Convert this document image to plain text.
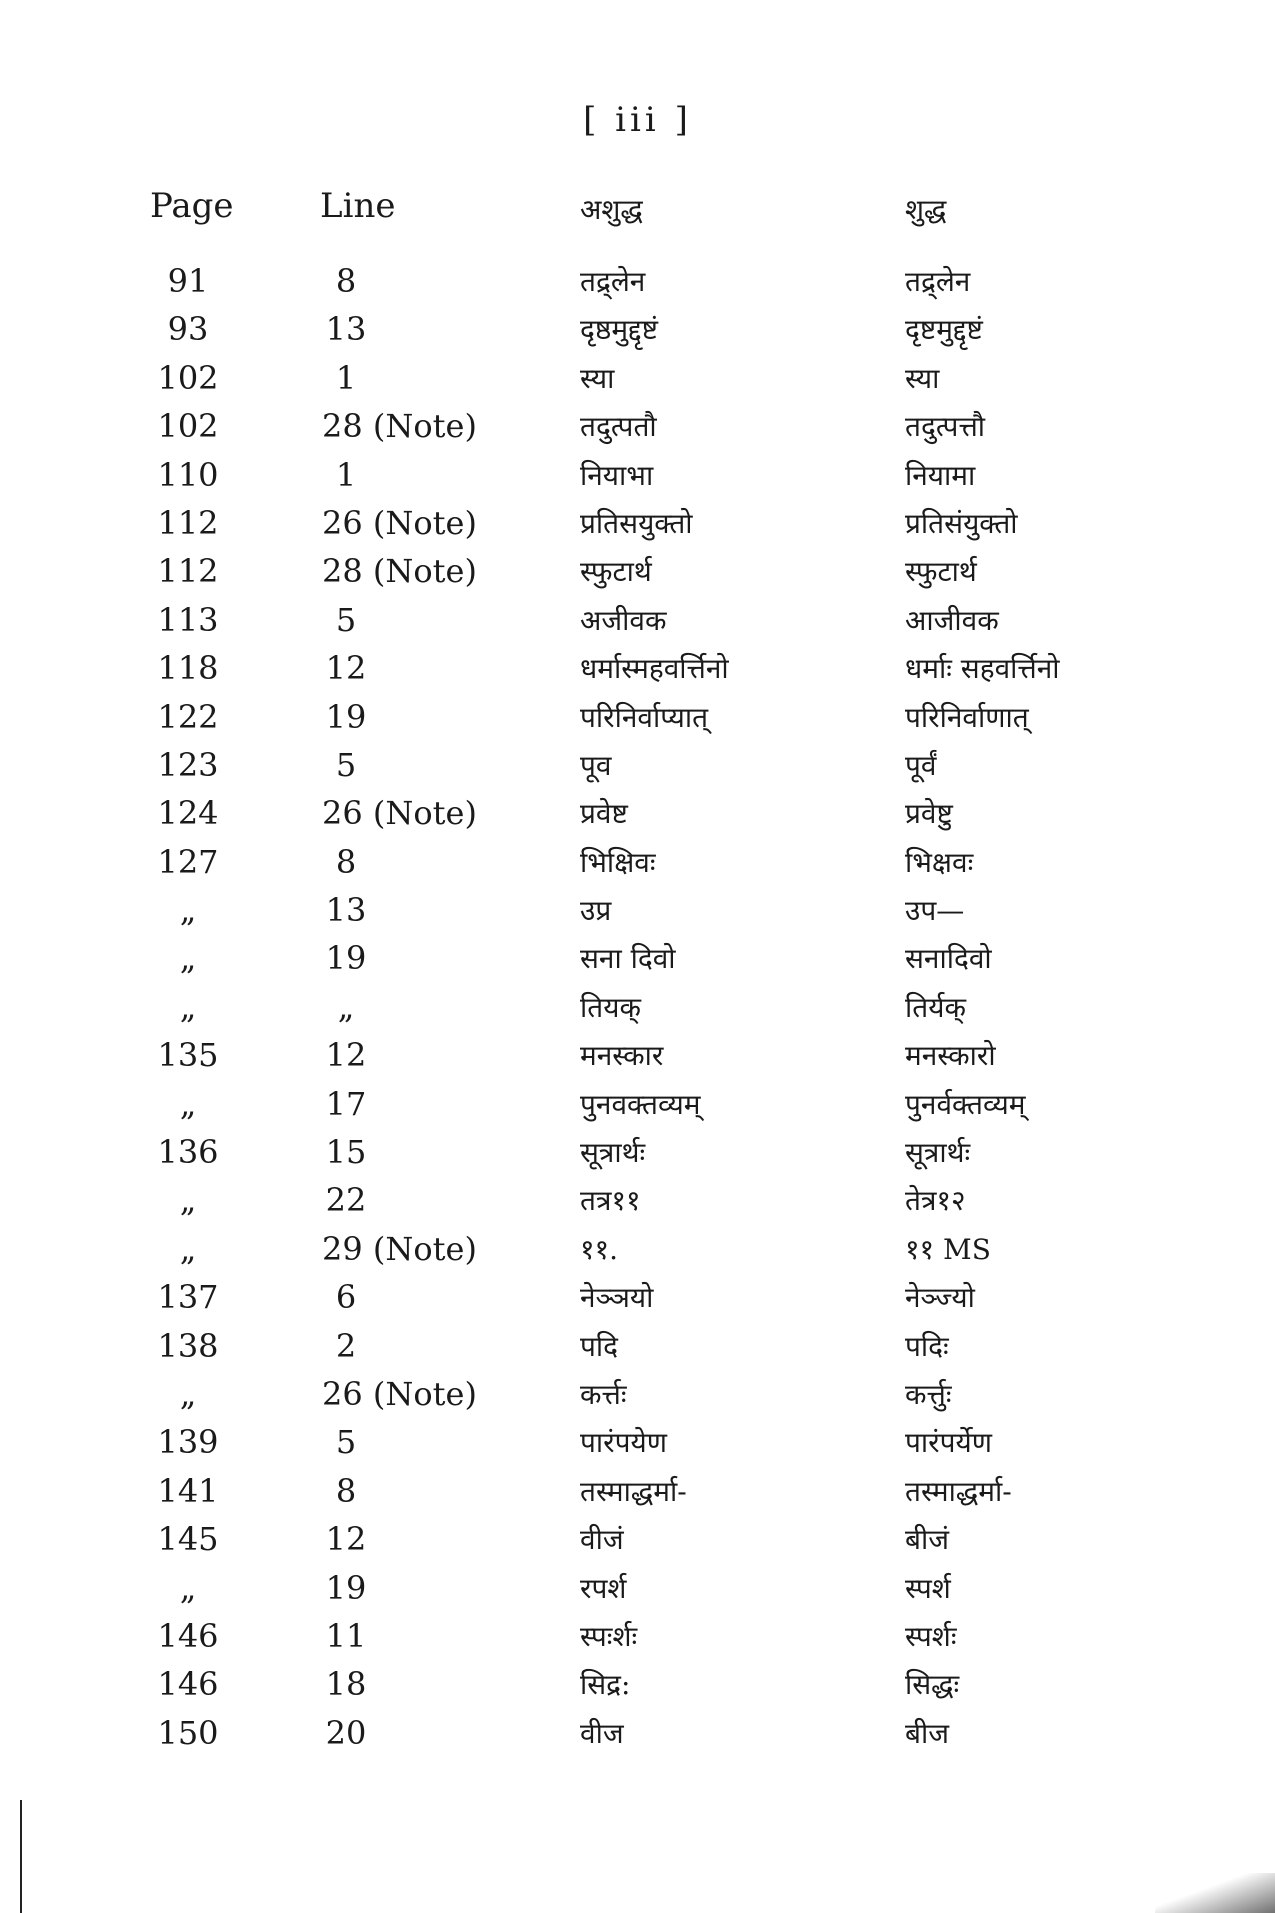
[ iii ]
Page	Line	अशुद्ध	शुद्ध
91	8	तद्र्लेन	तद्र्लेन
93	13	दृष्ठमुद्दृष्टं	दृष्टमुद्दृष्टं
102	1	स्या	स्या
102	28 (Note)	तदुत्पतौ	तदुत्पत्तौ
110	1	नियाभा	नियामा
112	26 (Note)	प्रतिसयुक्तो	प्रतिसंयुक्तो
112	28 (Note)	स्फुटार्थ	स्फुटार्थ
113	5	अजीवक	आजीवक
118	12	धर्मास्महवर्त्तिनो	धर्माः सहवर्त्तिनो
122	19	परिनिर्वाप्यात्	परिनिर्वाणात्
123	5	पूव	पूर्वं
124	26 (Note)	प्रवेष्ट	प्रवेष्टु
127	8	भिक्षिवः	भिक्षवः
„	13	उप्र	उप—
„	19	सना दिवो	सनादिवो
„	„	तियक्	तिर्यक्
135	12	मनस्कार	मनस्कारो
„	17	पुनवक्तव्यम्	पुनर्वक्तव्यम्
136	15	सूत्रार्थः	सूत्रार्थः
„	22	तत्र११	तेत्र१२
„	29 (Note)	११.	११ MS
137	6	नेञ्ञयो	नेञ्ज्यो
138	2	पदि	पदिः
„	26 (Note)	कर्त्तः	कर्त्तुः
139	5	पारंपयेण	पारंपर्येण
141	8	तस्माद्धर्मा-	तस्माद्धर्मा-
145	12	वीजं	बीजं
„	19	रपर्श	स्पर्श
146	11	स्पःर्शः	स्पर्शः
146	18	सिद्र:	सिद्धः
150	20	वीज	बीज
